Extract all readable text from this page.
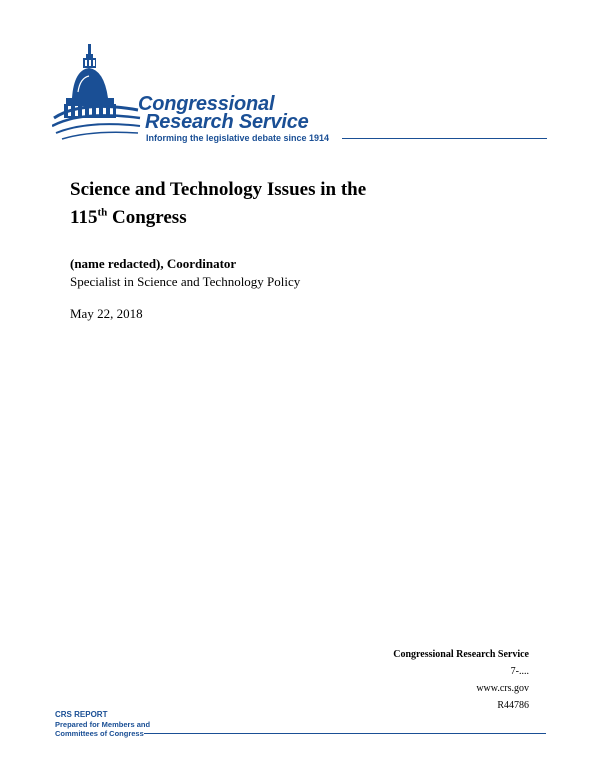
Congressional
Research Service
Informing the legislative debate since 1914
Science and Technology Issues in the
115th Congress
(name redacted), Coordinator
Specialist in Science and Technology Policy
May 22, 2018
Congressional Research Service
7-....
www.crs.gov
R44786
CRS REPORT
Prepared for Members and
Committees of Congress
